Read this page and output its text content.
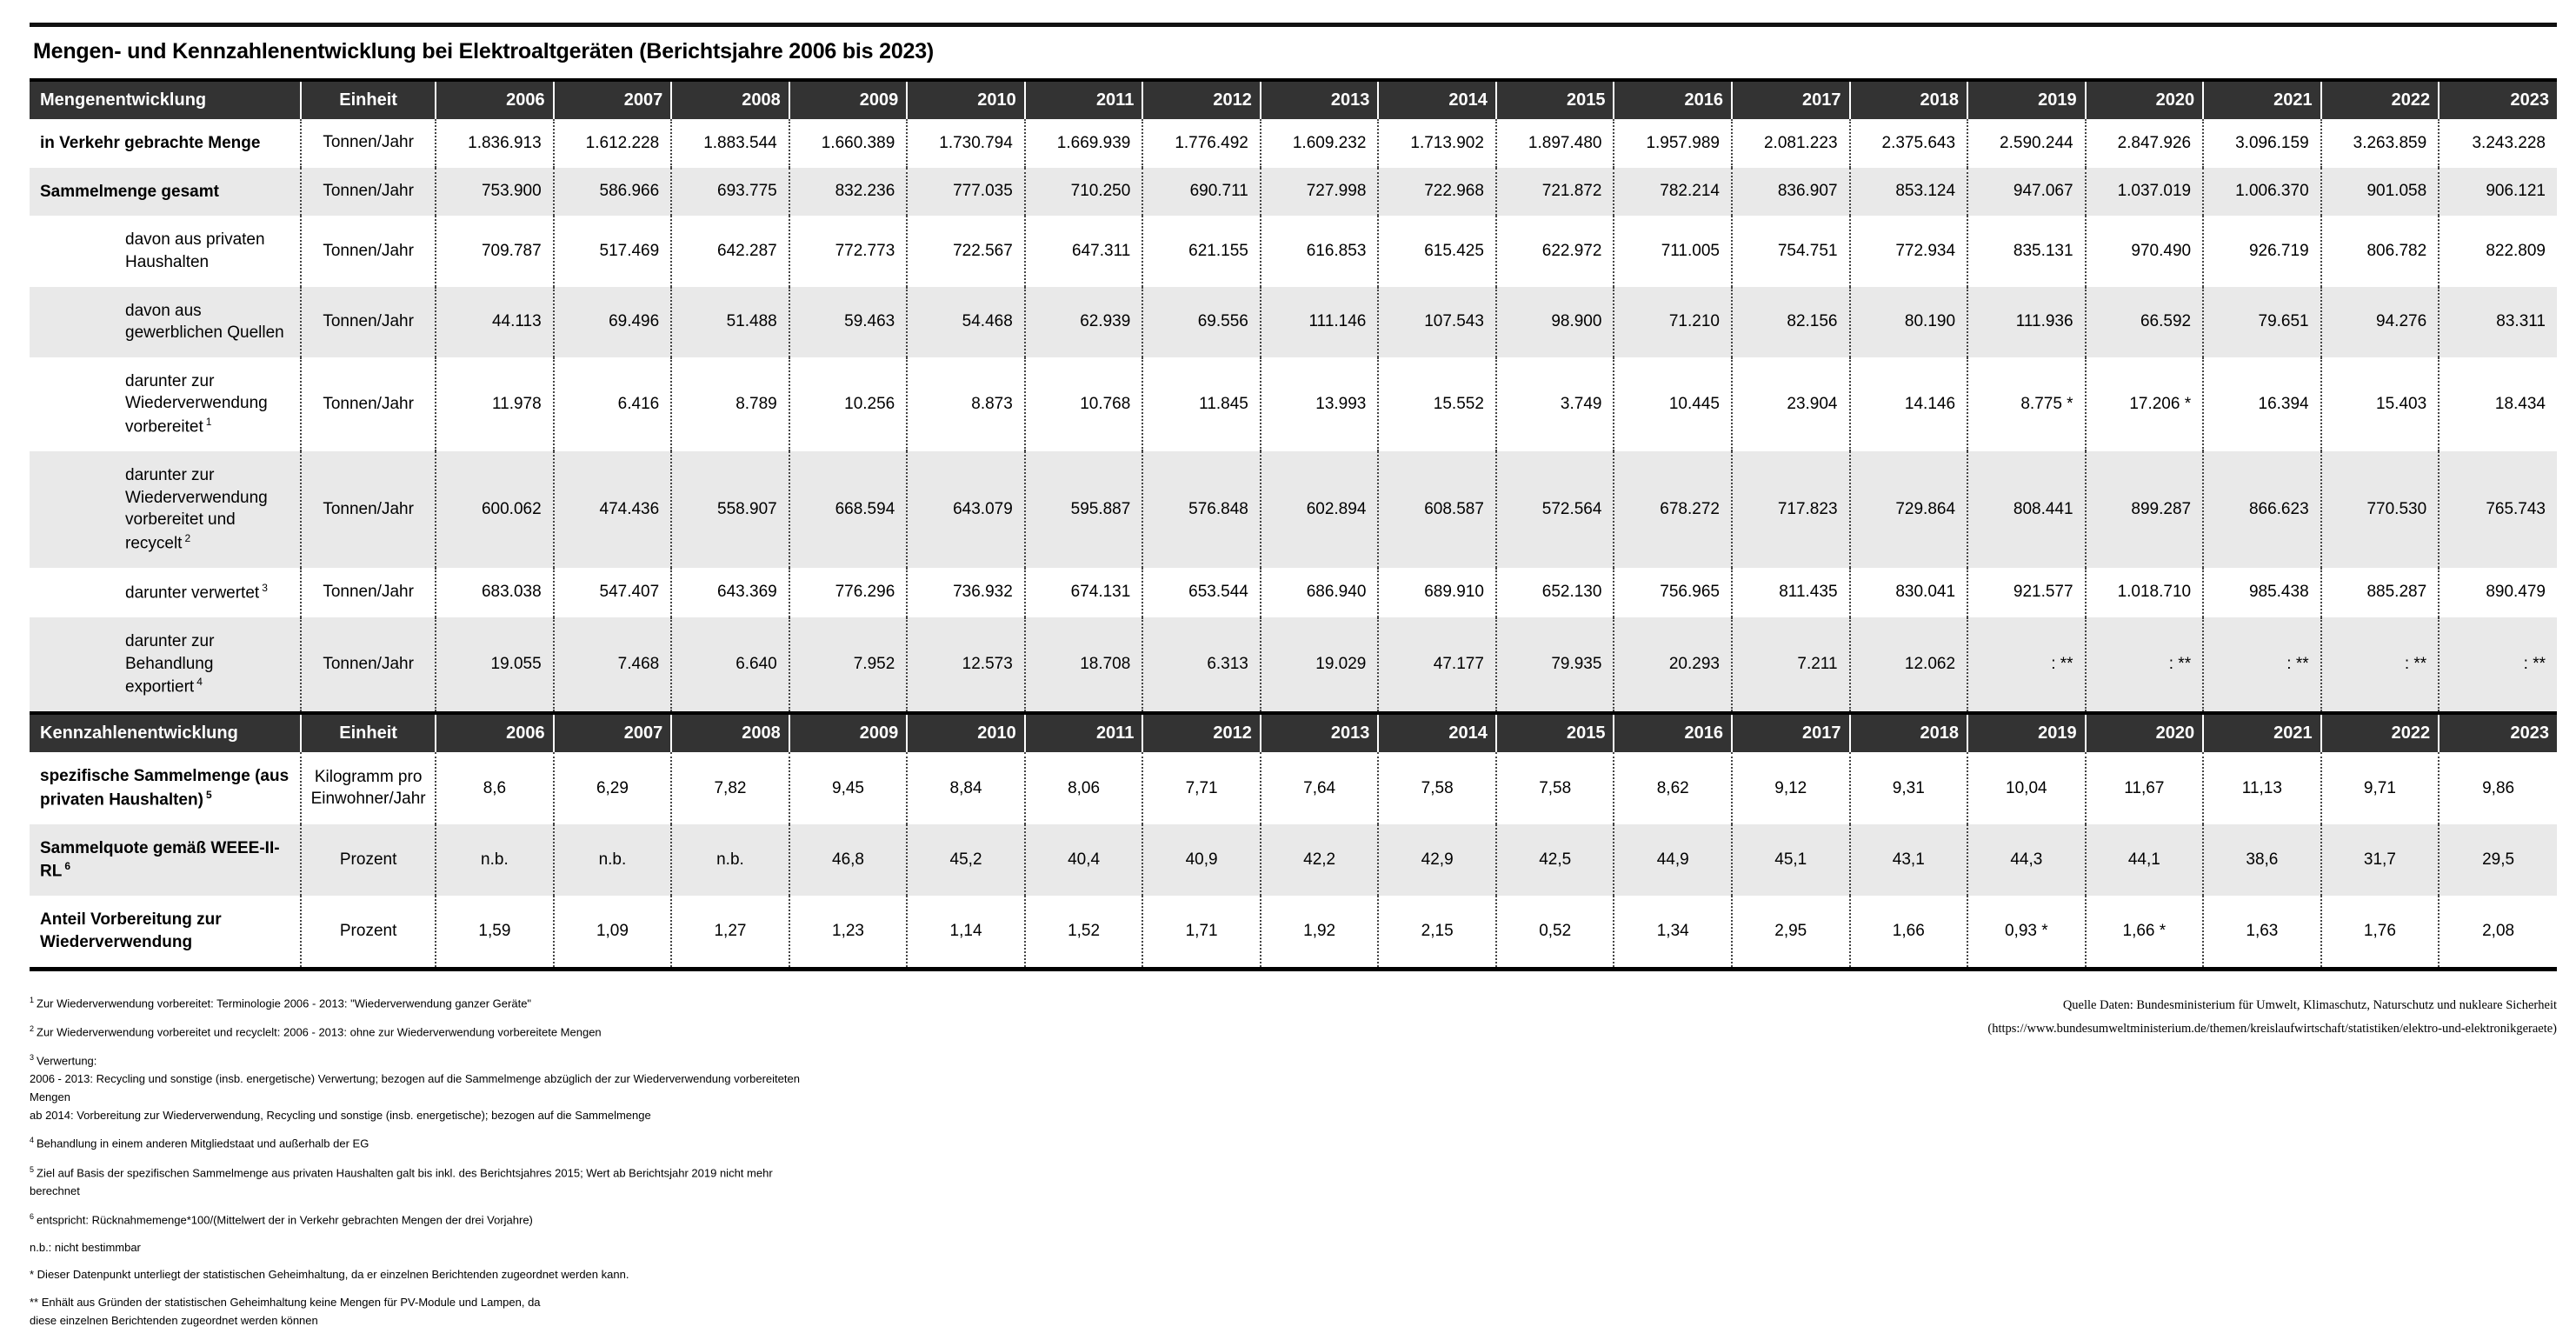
Mengen- und Kennzahlenentwicklung bei Elektroaltgeräten (Berichtsjahre 2006 bis 2023)
Mengenentwicklung	Einheit	2006	2007	2008	2009	2010	2011	2012	2013	2014	2015	2016	2017	2018	2019	2020	2021	2022	2023
in Verkehr gebrachte Menge	Tonnen/Jahr	1.836.913	1.612.228	1.883.544	1.660.389	1.730.794	1.669.939	1.776.492	1.609.232	1.713.902	1.897.480	1.957.989	2.081.223	2.375.643	2.590.244	2.847.926	3.096.159	3.263.859	3.243.228
Sammelmenge gesamt	Tonnen/Jahr	753.900	586.966	693.775	832.236	777.035	710.250	690.711	727.998	722.968	721.872	782.214	836.907	853.124	947.067	1.037.019	1.006.370	901.058	906.121
davon aus privaten Haushalten	Tonnen/Jahr	709.787	517.469	642.287	772.773	722.567	647.311	621.155	616.853	615.425	622.972	711.005	754.751	772.934	835.131	970.490	926.719	806.782	822.809
davon aus gewerblichen Quellen	Tonnen/Jahr	44.113	69.496	51.488	59.463	54.468	62.939	69.556	111.146	107.543	98.900	71.210	82.156	80.190	111.936	66.592	79.651	94.276	83.311
darunter zur Wiederverwendung vorbereitet $^1$	Tonnen/Jahr	11.978	6.416	8.789	10.256	8.873	10.768	11.845	13.993	15.552	3.749	10.445	23.904	14.146	8.775 *	17.206 *	16.394	15.403	18.434
darunter zur Wiederverwendung vorbereitet und recycelt $^2$	Tonnen/Jahr	600.062	474.436	558.907	668.594	643.079	595.887	576.848	602.894	608.587	572.564	678.272	717.823	729.864	808.441	899.287	866.623	770.530	765.743
darunter verwertet $^3$	Tonnen/Jahr	683.038	547.407	643.369	776.296	736.932	674.131	653.544	686.940	689.910	652.130	756.965	811.435	830.041	921.577	1.018.710	985.438	885.287	890.479
darunter zur Behandlung exportiert $^4$	Tonnen/Jahr	19.055	7.468	6.640	7.952	12.573	18.708	6.313	19.029	47.177	79.935	20.293	7.211	12.062	: **	: **	: **	: **	: **
Kennzahlenentwicklung	Einheit	2006	2007	2008	2009	2010	2011	2012	2013	2014	2015	2016	2017	2018	2019	2020	2021	2022	2023
spezifische Sammelmenge (aus privaten Haushalten) $^5$	Kilogramm pro Einwohner/Jahr	8,6	6,29	7,82	9,45	8,84	8,06	7,71	7,64	7,58	7,58	8,62	9,12	9,31	10,04	11,67	11,13	9,71	9,86
Sammelquote gemäß WEEE-II-RL $^6$	Prozent	n.b.	n.b.	n.b.	46,8	45,2	40,4	40,9	42,2	42,9	42,5	44,9	45,1	43,1	44,3	44,1	38,6	31,7	29,5
Anteil Vorbereitung zur Wiederverwendung	Prozent	1,59	1,09	1,27	1,23	1,14	1,52	1,71	1,92	2,15	0,52	1,34	2,95	1,66	0,93 *	1,66 *	1,63	1,76	2,08
$^1$ Zur Wiederverwendung vorbereitet: Terminologie 2006 - 2013: "Wiederverwendung ganzer Geräte"
$^2$ Zur Wiederverwendung vorbereitet und recyclelt: 2006 - 2013: ohne zur Wiederverwendung vorbereitete Mengen
$^3$ Verwertung:
2006 - 2013: Recycling und sonstige (insb. energetische) Verwertung; bezogen auf die Sammelmenge abzüglich der zur Wiederverwendung vorbereiteten
Mengen
ab 2014: Vorbereitung zur Wiederverwendung, Recycling und sonstige (insb. energetische); bezogen auf die Sammelmenge
$^4$ Behandlung in einem anderen Mitgliedstaat und außerhalb der EG
$^5$ Ziel auf Basis der spezifischen Sammelmenge aus privaten Haushalten galt bis inkl. des Berichtsjahres 2015; Wert ab Berichtsjahr 2019 nicht mehr
berechnet
$^6$ entspricht: Rücknahmemenge*100/(Mittelwert der in Verkehr gebrachten Mengen der drei Vorjahre)
n.b.: nicht bestimmbar
* Dieser Datenpunkt unterliegt der statistischen Geheimhaltung, da er einzelnen Berichtenden zugeordnet werden kann.
** Enhält aus Gründen der statistischen Geheimhaltung keine Mengen für PV-Module und Lampen, da
diese einzelnen Berichtenden zugeordnet werden können
Quelle Daten: Bundesministerium für Umwelt, Klimaschutz, Naturschutz und nukleare Sicherheit
(https://www.bundesumweltministerium.de/themen/kreislaufwirtschaft/statistiken/elektro-und-elektronikgeraete)
